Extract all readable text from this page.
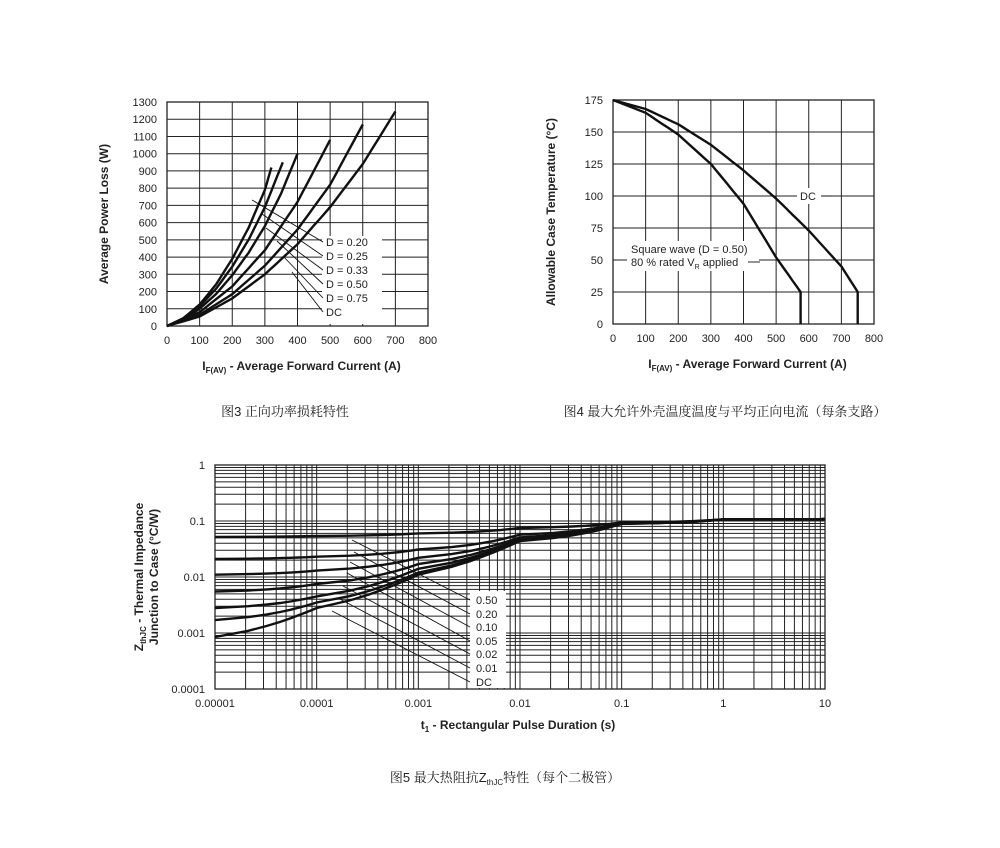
0 100 200 300 400 500 600 700 800
0
100
200
300
400
500
600
700
800
900
1000
1100
1200
1300
D = 0.20
D = 0.25
D = 0.33
D = 0.50
D = 0.75
DC
$I_{F(AV)}$ - Average Forward Current (A)
Average Power Loss (W)
图3 正向功率损耗特性
0 100 200 300 400 500 600 700 800
0
25
50
75
100
125
150
175
DC
Square wave (D = 0.50)
80 % rated $V_R$ applied
$I_{F(AV)}$ - Average Forward Current (A)
Allowable Case Temperature (°C)
图4 最大允许外壳温度温度与平均正向电流（每条支路）
0.00001	0.0001	0.001	0.01	0.1	1	10
0.0001
0.001
0.01
0.1
1
0.50
0.20
0.10
0.05
0.02
0.01
DC
$t_1$ - Rectangular Pulse Duration (s)
$Z_{thJC}$ - Thermal Impedance Junction to Case (°C/W)
图5 最大热阻抗$Z_{thJC}$特性（每个二极管）
